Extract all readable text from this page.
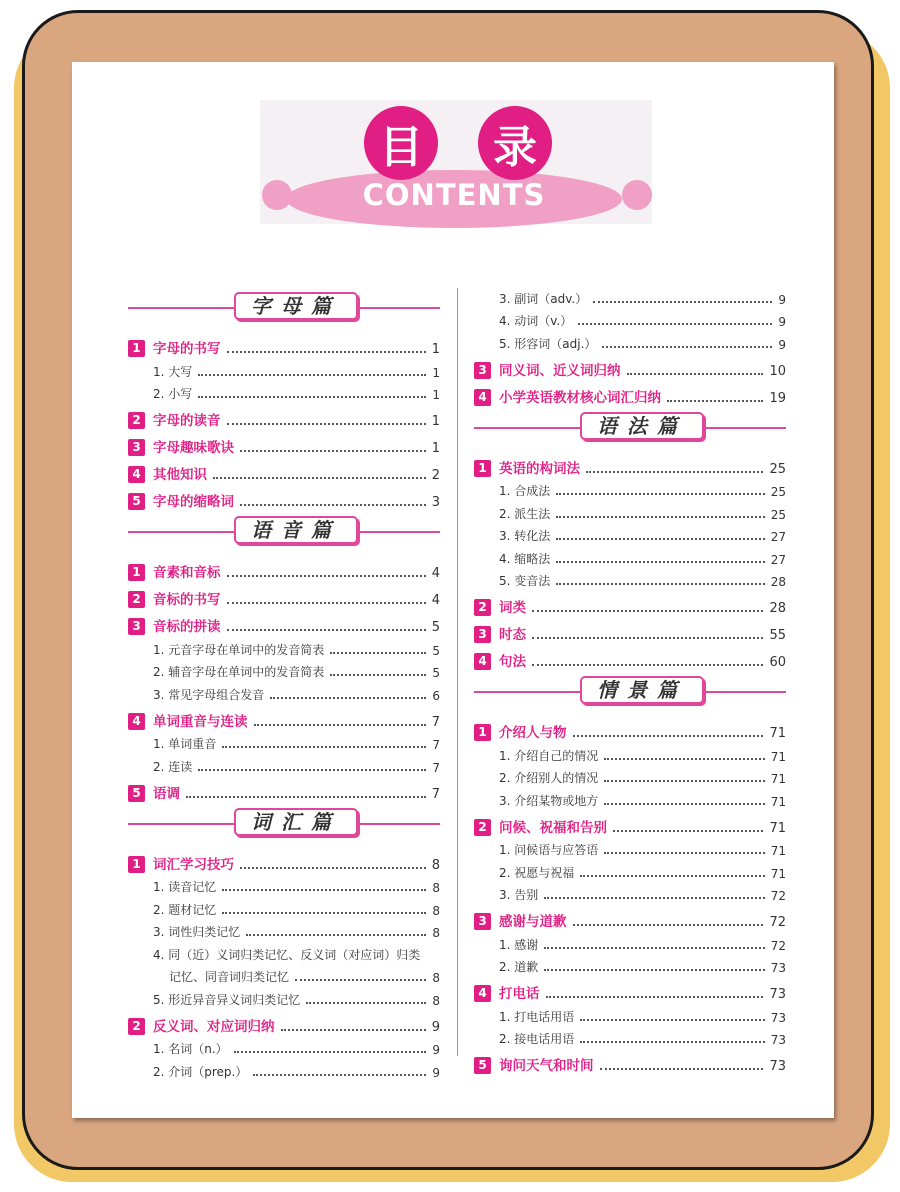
目	录
CONTENTS
字母篇
1 字母的书写	1
1. 大写	1
2. 小写	1
2 字母的读音	1
3 字母趣味歌诀	1
4 其他知识	2
5 字母的缩略词	3
语音篇
1 音素和音标	4
2 音标的书写	4
3 音标的拼读	5
1. 元音字母在单词中的发音简表	5
2. 辅音字母在单词中的发音简表	5
3. 常见字母组合发音	6
4 单词重音与连读	7
1. 单词重音	7
2. 连读	7
5 语调	7
词汇篇
1 词汇学习技巧	8
1. 读音记忆	8
2. 题材记忆	8
3. 词性归类记忆	8
4. 同（近）义词归类记忆、反义词（对应词）归类
记忆、同音词归类记忆	8
5. 形近异音异义词归类记忆	8
2 反义词、对应词归纳	9
1. 名词（n.）	9
2. 介词（prep.）	9
3. 副词（adv.）	9
4. 动词（v.）	9
5. 形容词（adj.）	9
3 同义词、近义词归纳	10
4 小学英语教材核心词汇归纳	19
语法篇
1 英语的构词法	25
1. 合成法	25
2. 派生法	25
3. 转化法	27
4. 缩略法	27
5. 变音法	28
2 词类	28
3 时态	55
4 句法	60
情景篇
1 介绍人与物	71
1. 介绍自己的情况	71
2. 介绍别人的情况	71
3. 介绍某物或地方	71
2 问候、祝福和告别	71
1. 问候语与应答语	71
2. 祝愿与祝福	71
3. 告别	72
3 感谢与道歉	72
1. 感谢	72
2. 道歉	73
4 打电话	73
1. 打电话用语	73
2. 接电话用语	73
5 询问天气和时间	73
